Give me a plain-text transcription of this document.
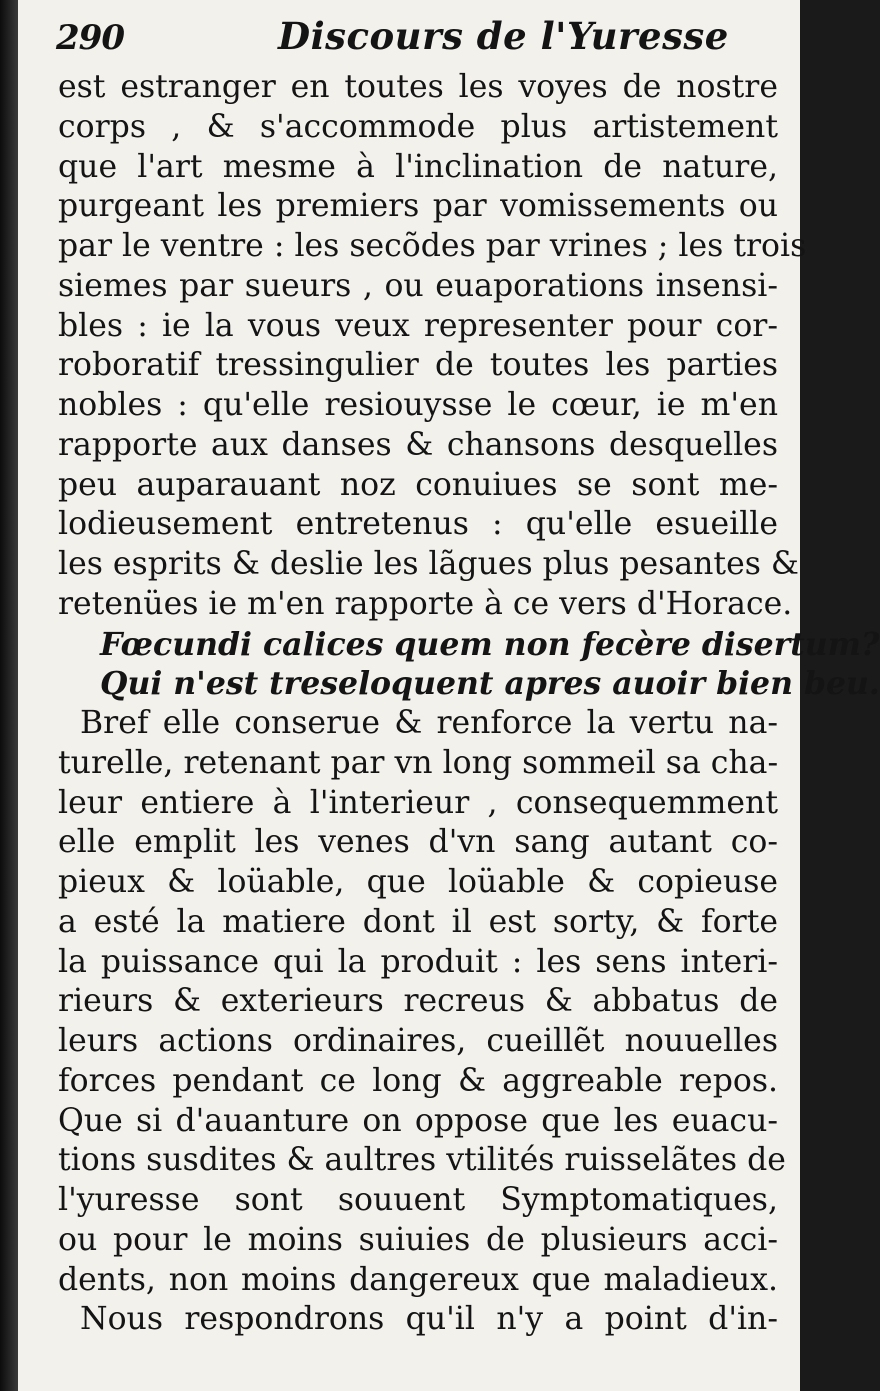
290	Discours de l'Yuresse
est estranger en toutes les voyes de nostre
corps , & s'accommode plus artistement
que l'art mesme à l'inclination de nature,
purgeant les premiers par vomissements ou
par le ventre : les secõdes par vrines ; les trois
siemes par sueurs , ou euaporations insensi-
bles : ie la vous veux representer pour cor-
roboratif tressingulier de toutes les parties
nobles : qu'elle resiouysse le cœur, ie m'en
rapporte aux danses & chansons desquelles
peu auparauant noz conuiues se sont me-
lodieusement entretenus : qu'elle esueille
les esprits & deslie les lãgues plus pesantes &
retenües ie m'en rapporte à ce vers d'Horace.
Fœcundi calices quem non fecère disertum?
Qui n'est treseloquent apres auoir bien beu.
Bref elle conserue & renforce la vertu na-
turelle, retenant par vn long sommeil sa cha-
leur entiere à l'interieur , consequemment
elle emplit les venes d'vn sang autant co-
pieux & loüable, que loüable & copieuse
a esté la matiere dont il est sorty, & forte
la puissance qui la produit : les sens interi-
rieurs & exterieurs recreus & abbatus de
leurs actions ordinaires, cueillẽt nouuelles
forces pendant ce long & aggreable repos.
Que si d'auanture on oppose que les euacu-
tions susdites & aultres vtilités ruisselãtes de
l'yuresse sont souuent Symptomatiques,
ou pour le moins suiuies de plusieurs acci-
dents, non moins dangereux que maladieux.
Nous respondrons qu'il n'y a point d'in-
